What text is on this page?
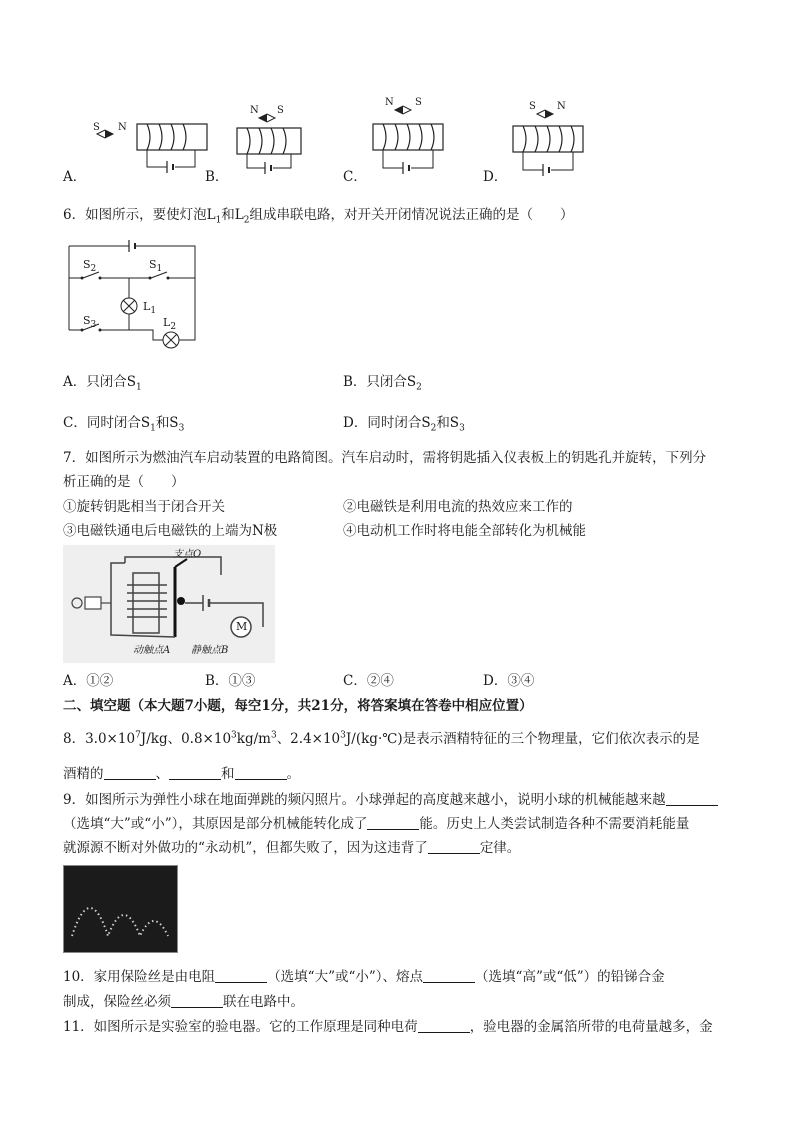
S N
A．
N S
B．
N S
C．
S N
D．
6．如图所示，要使灯泡$L_1$和$L_2$组成串联电路，对开关开闭情况说法正确的是（　　）
$S_2$	$S_1$
$L_1$
$S_3$	$L_2$
A．只闭合$S_1$	B．只闭合$S_2$
C．同时闭合$S_1$和$S_3$	D．同时闭合$S_2$和$S_3$
7．如图所示为燃油汽车启动装置的电路简图。汽车启动时，需将钥匙插入仪表板上的钥匙孔并旋转，下列分
析正确的是（　　）
①旋转钥匙相当于闭合开关	②电磁铁是利用电流的热效应来工作的
③电磁铁通电后电磁铁的上端为N极	④电动机工作时将电能全部转化为机械能
支点O
动触点A 静触点B
M
A．①②	B．①③	C．②④	D．③④
二、填空题（本大题7小题，每空1分，共21分，将答案填在答卷中相应位置）
8．$3.0\times 10^7J/kg$、$0.8\times 10^3kg/m^3$、$2.4\times 10^3J/(kg\cdot℃)$是表示酒精特征的三个物理量，它们依次表示的是
酒精的	、	和	。
9．如图所示为弹性小球在地面弹跳的频闪照片。小球弹起的高度越来越小，说明小球的机械能越来越
（选填“大”或“小”），其原因是部分机械能转化成了	能。历史上人类尝试制造各种不需要消耗能量
就源源不断对外做功的“永动机”，但都失败了，因为这违背了	定律。
10．家用保险丝是由电阻	（选填“大”或“小”）、熔点	（选填“高”或“低”）的铅锑合金
制成，保险丝必须	联在电路中。
11．如图所示是实验室的验电器。它的工作原理是同种电荷	，验电器的金属箔所带的电荷量越多，金
